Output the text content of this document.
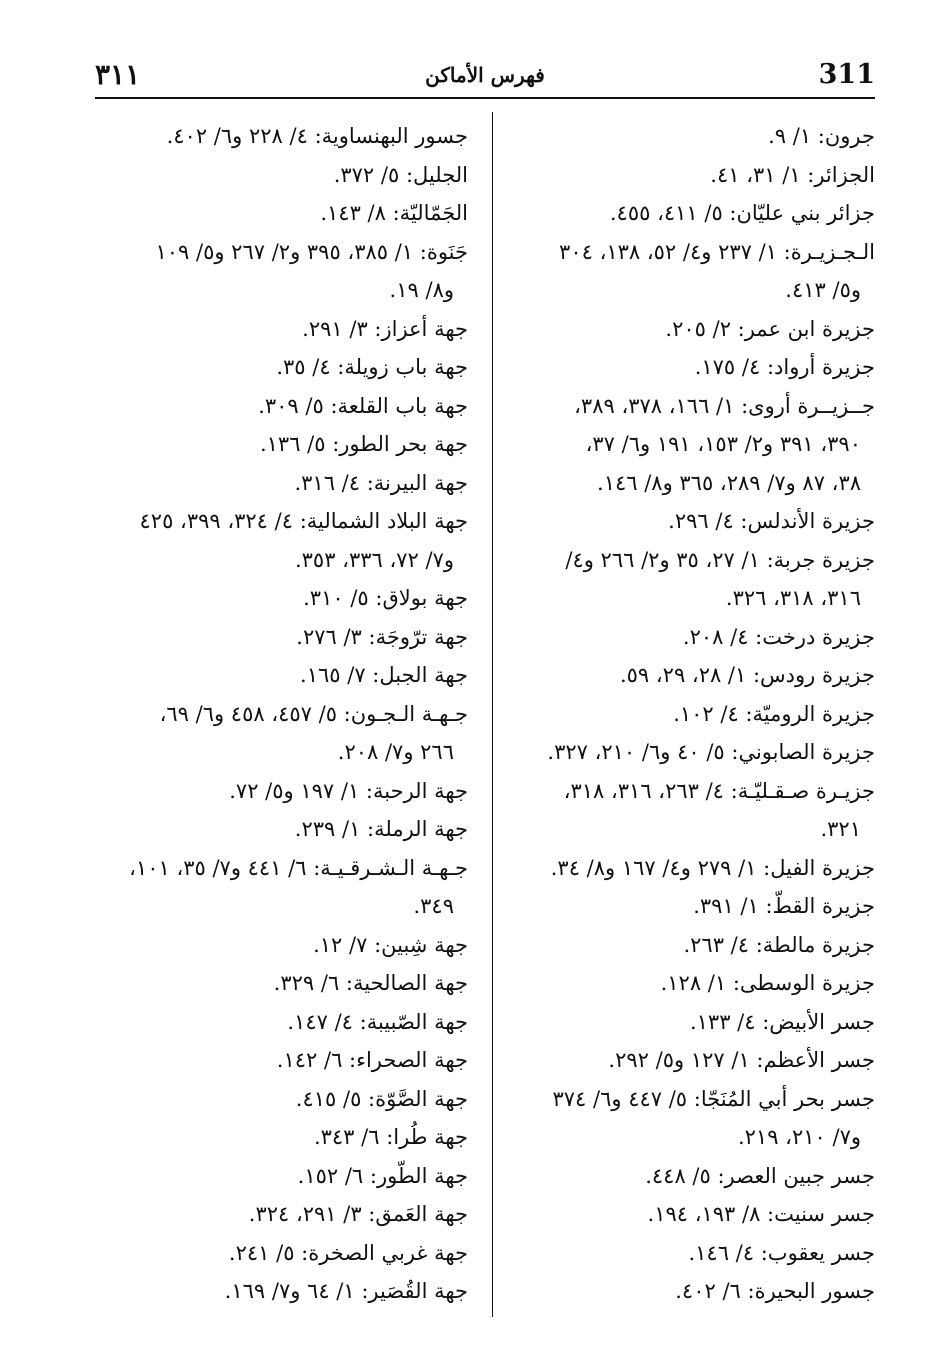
٣١١	فهرس الأماكن	311
جرون: ١/ ٩.
الجزائر: ١/ ٣١، ٤١.
جزائر بني عليّان: ٥/ ٤١١، ٤٥٥.
الـجـزيـرة: ١/ ٢٣٧ و٤/ ٥٢، ١٣٨، ٣٠٤
و٥/ ٤١٣.
جزيرة ابن عمر: ٢/ ٢٠٥.
جزيرة أرواد: ٤/ ١٧٥.
جــزيــرة أروى: ١/ ١٦٦، ٣٧٨، ٣٨٩،
٣٩٠، ٣٩١ و٢/ ١٥٣، ١٩١ و٦/ ٣٧،
٣٨، ٨٧ و٧/ ٢٨٩، ٣٦٥ و٨/ ١٤٦.
جزيرة الأندلس: ٤/ ٢٩٦.
جزيرة جربة: ١/ ٢٧، ٣٥ و٢/ ٢٦٦ و٤/
٣١٦، ٣١٨، ٣٢٦.
جزيرة درخت: ٤/ ٢٠٨.
جزيرة رودس: ١/ ٢٨، ٢٩، ٥٩.
جزيرة الروميّة: ٤/ ١٠٢.
جزيرة الصابوني: ٥/ ٤٠ و٦/ ٢١٠، ٣٢٧.
جزيـرة صـقـليّـة: ٤/ ٢٦٣، ٣١٦، ٣١٨،
٣٢١.
جزيرة الفيل: ١/ ٢٧٩ و٤/ ١٦٧ و٨/ ٣٤.
جزيرة القطّ: ١/ ٣٩١.
جزيرة مالطة: ٤/ ٢٦٣.
جزيرة الوسطى: ١/ ١٢٨.
جسر الأبيض: ٤/ ١٣٣.
جسر الأعظم: ١/ ١٢٧ و٥/ ٢٩٢.
جسر بحر أبي المُنَجّا: ٥/ ٤٤٧ و٦/ ٣٧٤
و٧/ ٢١٠، ٢١٩.
جسر جبين العصر: ٥/ ٤٤٨.
جسر سنيت: ٨/ ١٩٣، ١٩٤.
جسر يعقوب: ٤/ ١٤٦.
جسور البحيرة: ٦/ ٤٠٢.
جسور البهنساوية: ٤/ ٢٢٨ و٦/ ٤٠٢.
الجليل: ٥/ ٣٧٢.
الجَمّاليّة: ٨/ ١٤٣.
جَنَوة: ١/ ٣٨٥، ٣٩٥ و٢/ ٢٦٧ و٥/ ١٠٩
و٨/ ١٩.
جهة أعزاز: ٣/ ٢٩١.
جهة باب زويلة: ٤/ ٣٥.
جهة باب القلعة: ٥/ ٣٠٩.
جهة بحر الطور: ٥/ ١٣٦.
جهة البيرنة: ٤/ ٣١٦.
جهة البلاد الشمالية: ٤/ ٣٢٤، ٣٩٩، ٤٢٥
و٧/ ٧٢، ٣٣٦، ٣٥٣.
جهة بولاق: ٥/ ٣١٠.
جهة ترّوجَة: ٣/ ٢٧٦.
جهة الجبل: ٧/ ١٦٥.
جـهـة الـجـون: ٥/ ٤٥٧، ٤٥٨ و٦/ ٦٩،
٢٦٦ و٧/ ٢٠٨.
جهة الرحبة: ١/ ١٩٧ و٥/ ٧٢.
جهة الرملة: ١/ ٢٣٩.
جـهـة الـشـرقـيـة: ٦/ ٤٤١ و٧/ ٣٥، ١٠١،
٣٤٩.
جهة شِبين: ٧/ ١٢.
جهة الصالحية: ٦/ ٣٢٩.
جهة الصّبيبة: ٤/ ١٤٧.
جهة الصحراء: ٦/ ١٤٢.
جهة الصَّوّة: ٥/ ٤١٥.
جهة طُرا: ٦/ ٣٤٣.
جهة الطّور: ٦/ ١٥٢.
جهة العَمق: ٣/ ٢٩١، ٣٢٤.
جهة غربي الصخرة: ٥/ ٢٤١.
جهة القُصَير: ١/ ٦٤ و٧/ ١٦٩.
